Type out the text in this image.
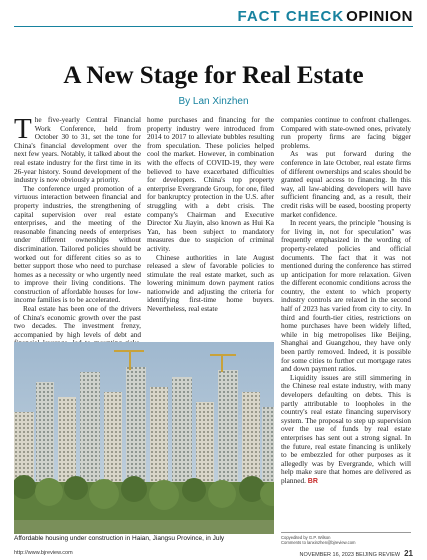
FACT CHECK OPINION
A New Stage for Real Estate
By Lan Xinzhen

The five-yearly Central Financial Work Conference, held from October 30 to 31, set the tone for China's financial development over the next few years. Notably, it talked about the real estate industry for the first time in its 26-year history. Sound development of the industry is now obviously a priority.

The conference urged promotion of a virtuous interaction between financial and property industries, the strengthening of capital supervision over real estate enterprises, and the meeting of the reasonable financing needs of enterprises under different ownerships without discrimination. Tailored policies should be worked out for different cities so as to better support those who need to purchase homes as a necessity or who urgently need to improve their living conditions. The construction of affordable houses for low-income families is to be accelerated.

Real estate has been one of the drivers of China's economic growth over the past two decades. The investment frenzy, accompanied by high levels of debt and

home purchases and financing for the property industry were introduced from 2014 to 2017 to alleviate bubbles resulting from speculation. These policies helped cool the market. However, in combination with the effects of COVID-19, they were believed to have exacerbated difficulties for developers. China's top property enterprise Evergrande Group, for one, filed for bankruptcy protection in the U.S. after struggling with a debt crisis. The company's Chairman and Executive Director Xu Jiayin, also known as Hui Ka Yan, has been subject to mandatory measures due to suspicion of criminal activity.

Chinese authorities in late August released a slew of favorable policies to stimulate the real estate market, such as lowering minimum down payment ratios nationwide and adjusting the criteria for identifying first-time home buyers. Nevertheless, real estate

companies continue to confront challenges. Compared with state-owned ones, privately run property firms are facing bigger problems.

As was put forward during the conference in late October, real estate firms of different ownerships and scales should be granted equal access to financing. In this way, all law-abiding developers will have sufficient financing and, as a result, their credit risks will be eased, boosting property market confidence.

In recent years, the principle "housing is for living in, not for speculation" was frequently emphasized in the wording of property-related policies and official documents. The fact that it was not mentioned during the conference has stirred up anticipation for more relaxation. Given the different economic conditions across the country, the extent to which property industry controls are relaxed in the second half of 2023 has varied from city to city. In third and fourth-tier cities, restrictions on home purchases have been widely lifted, while in big metropolises like Beijing, Shanghai and Guangzhou, they have only been partly removed. Indeed, it is possible for some cities to further cut mortgage rates and down payment ratios.

Liquidity issues are still simmering in the Chinese real estate industry, with many developers defaulting on debts. This is partly attributable to loopholes in the country's real estate financing supervisory system. The proposal to step up supervision over the use of funds by real estate enterprises has sent out a strong signal. In the future, real estate financing is unlikely to be embezzled for other purposes as it allegedly was by Evergrande, which will help make sure that homes are delivered as planned. BR

Affordable housing under construction in Haian, Jiangsu Province, in July	Copyedited by G.P. Wilson
Comments to lanxinzhen@bjreview.com
http://www.bjreview.com	NOVEMBER 16, 2023 BEIJING REVIEW 21
